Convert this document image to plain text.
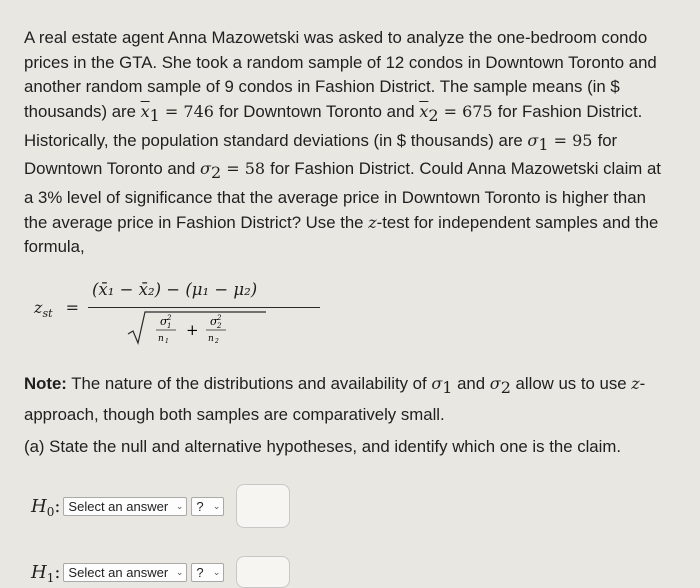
A real estate agent Anna Mazowetski was asked to analyze the one-bedroom condo
prices in the GTA. She took a random sample of 12 condos in Downtown Toronto and
another random sample of 9 condos in Fashion District. The sample means (in $
thousands) are $\overline{x}_1 = 746$ for Downtown Toronto and $\overline{x}_2 = 675$ for Fashion District.
Historically, the population standard deviations (in $ thousands) are $\sigma_1 = 95$ for
Downtown Toronto and $\sigma_2 = 58$ for Fashion District. Could Anna Mazowetski claim at
a 3% level of significance that the average price in Downtown Toronto is higher than
the average price in Fashion District? Use the z-test for independent samples and the
formula,
$z_{st}$ =
(x̄₁ − x̄₂) − (μ₁ − μ₂)
σ 2
1
n 1
+ σ 2
2
n 2
Note: The nature of the distributions and availability of $\sigma_1$ and $\sigma_2$ allow us to use z-
approach, though both samples are comparatively small.
(a) State the null and alternative hypotheses, and identify which one is the claim.
$H_0$: Select an answer ⌄ ? ⌄
$H_1$: Select an answer ⌄ ? ⌄
